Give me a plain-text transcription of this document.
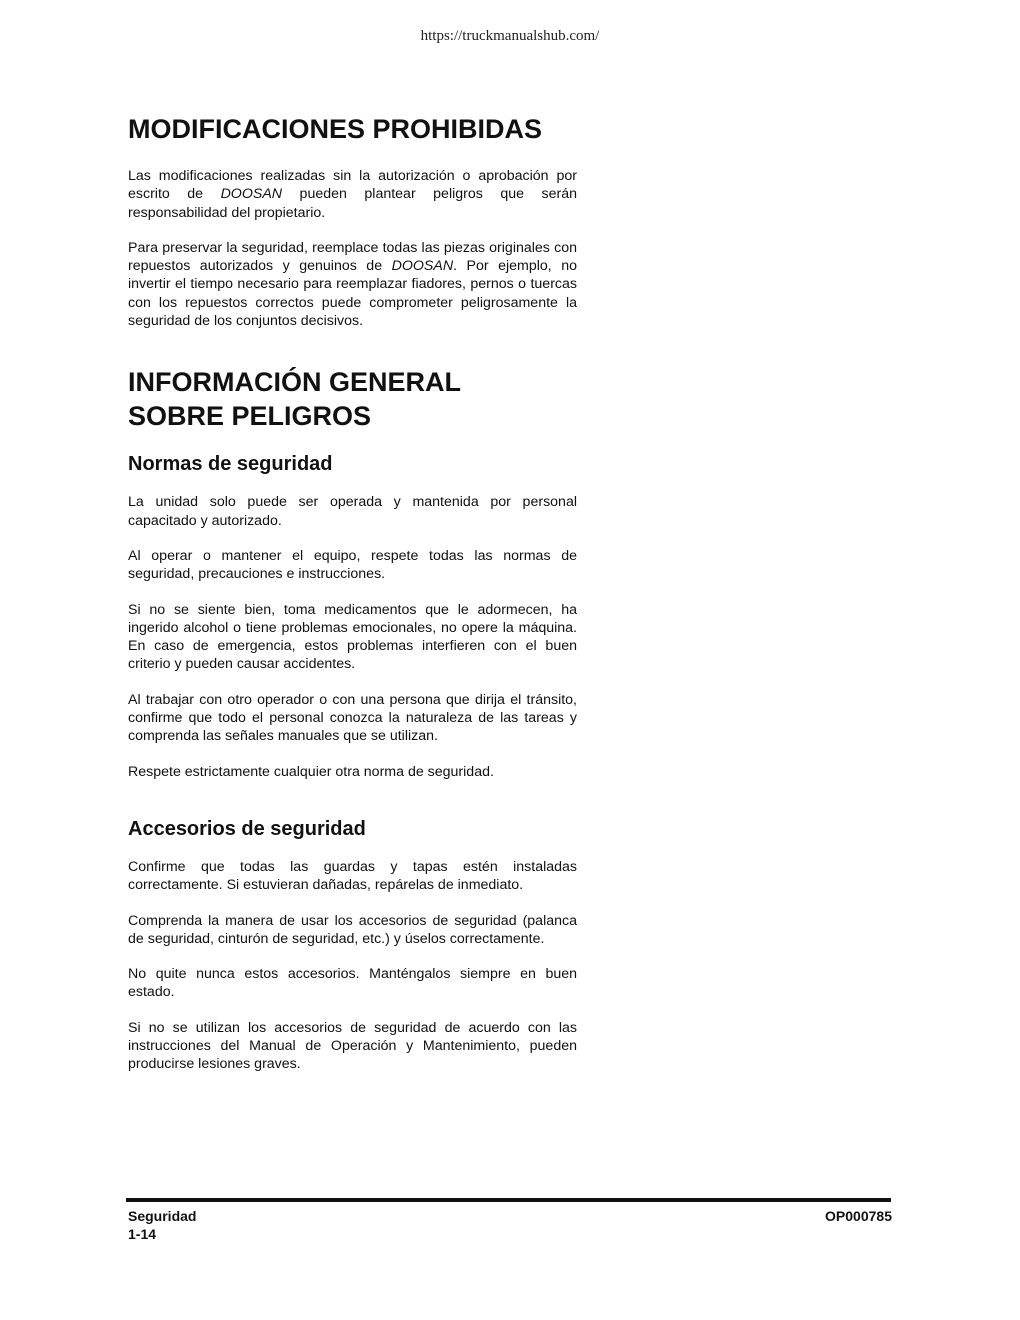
https://truckmanualshub.com/
MODIFICACIONES PROHIBIDAS

Las modificaciones realizadas sin la autorización o aprobación por escrito de DOOSAN pueden plantear peligros que serán responsabilidad del propietario.

Para preservar la seguridad, reemplace todas las piezas originales con repuestos autorizados y genuinos de DOOSAN. Por ejemplo, no invertir el tiempo necesario para reemplazar fiadores, pernos o tuercas con los repuestos correctos puede comprometer peligrosamente la seguridad de los conjuntos decisivos.

INFORMACIÓN GENERAL
SOBRE PELIGROS
Normas de seguridad

La unidad solo puede ser operada y mantenida por personal capacitado y autorizado.

Al operar o mantener el equipo, respete todas las normas de seguridad, precauciones e instrucciones.

Si no se siente bien, toma medicamentos que le adormecen, ha ingerido alcohol o tiene problemas emocionales, no opere la máquina. En caso de emergencia, estos problemas interfieren con el buen criterio y pueden causar accidentes.

Al trabajar con otro operador o con una persona que dirija el tránsito, confirme que todo el personal conozca la naturaleza de las tareas y comprenda las señales manuales que se utilizan.

Respete estrictamente cualquier otra norma de seguridad.

Accesorios de seguridad

Confirme que todas las guardas y tapas estén instaladas correctamente. Si estuvieran dañadas, repárelas de inmediato.

Comprenda la manera de usar los accesorios de seguridad (palanca de seguridad, cinturón de seguridad, etc.) y úselos correctamente.

No quite nunca estos accesorios. Manténgalos siempre en buen estado.

Si no se utilizan los accesorios de seguridad de acuerdo con las instrucciones del Manual de Operación y Mantenimiento, pueden producirse lesiones graves.

Seguridad
1-14
OP000785
